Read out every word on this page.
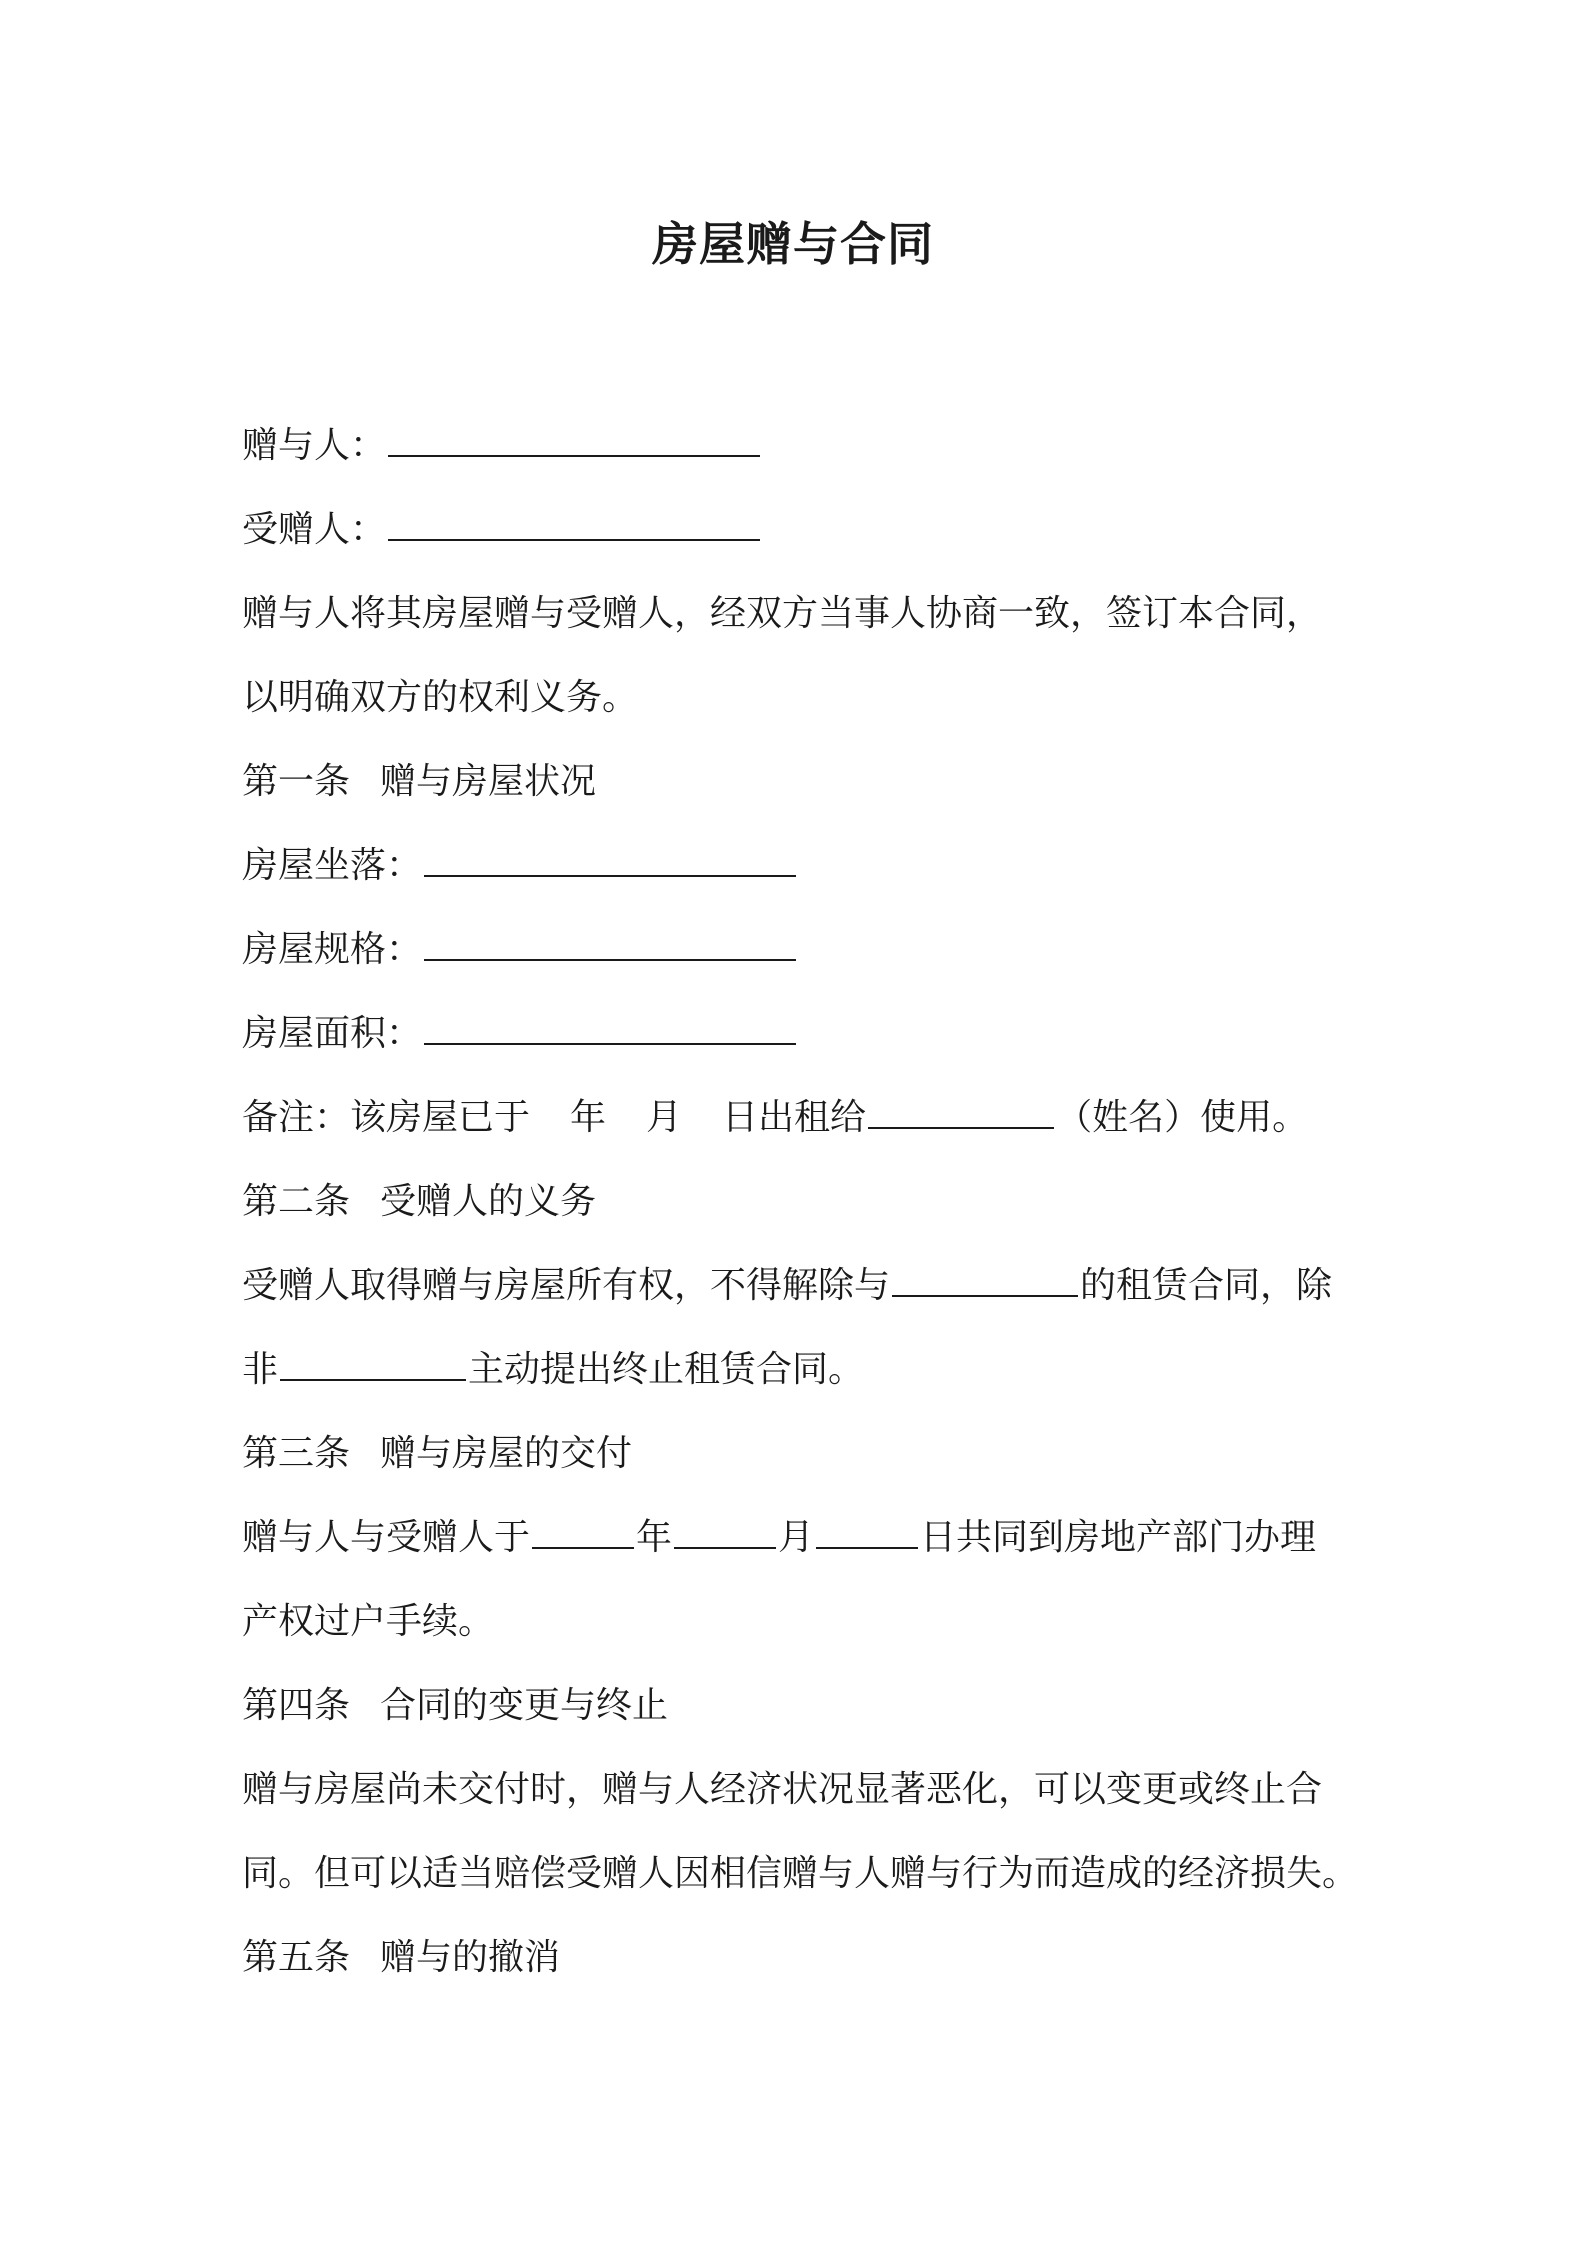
房屋赠与合同
赠与人：
受赠人：
赠与人将其房屋赠与受赠人，经双方当事人协商一致，签订本合同，
以明确双方的权利义务。
第一条 赠与房屋状况
房屋坐落：
房屋规格：
房屋面积：
备注：该房屋已于 年 月 日出租给	（姓名）使用。
第二条 受赠人的义务
受赠人取得赠与房屋所有权，不得解除与	的租赁合同，除
非	主动提出终止租赁合同。
第三条 赠与房屋的交付
赠与人与受赠人于	年	月	日共同到房地产部门办理
产权过户手续。
第四条 合同的变更与终止
赠与房屋尚未交付时，赠与人经济状况显著恶化，可以变更或终止合
同。但可以适当赔偿受赠人因相信赠与人赠与行为而造成的经济损失。
第五条 赠与的撤消
